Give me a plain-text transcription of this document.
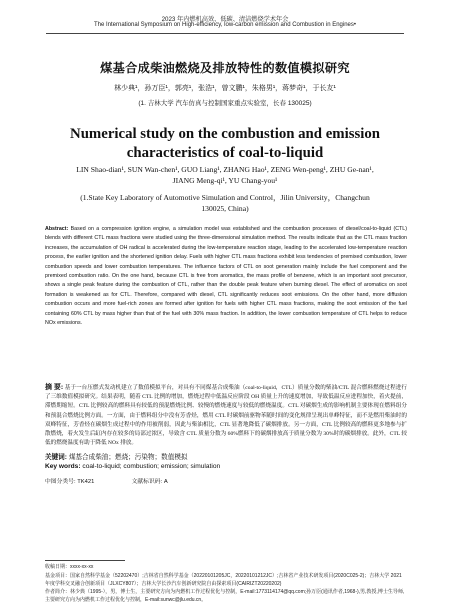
2023 年内燃机高效、低碳、清洁燃烧学术年会
The International Symposium on High-efficiency, low-carbon emission and Combustion in Engines•
煤基合成柴油燃烧及排放特性的数值模拟研究
林少典¹，孙万臣¹，郭亮¹，张浩¹，曾文鹏¹，朱格男¹，蒋梦奇¹，于长友¹
(1. 吉林大学 汽车仿真与控制国家重点实验室，长春 130025)
Numerical study on the combustion and emission characteristics of coal-to-liquid
LIN Shao-dian¹, SUN Wan-chen¹, GUO Liang¹, ZHANG Hao¹, ZENG Wen-peng¹, ZHU Ge-nan¹, JIANG Meng-qi¹, YU Chang-you¹
(1.State Key Laboratory of Automotive Simulation and Control，Jilin University，Changchun 130025, China)
Abstract: Based on a compression ignition engine, a simulation model was established and the combustion processes of diesel/coal-to-liquid (CTL) blends with different CTL mass fractions were studied using the three-dimensional simulation method. The results indicate that as the CTL mass fraction increases, the accumulation of OH radical is accelerated during the low-temperature reaction stage, leading to the accelerated low-temperature reaction process, the earlier ignition and the shortened ignition delay. Fuels with higher CTL mass fractions exhibit less tendencies of premixed combustion, lower combustion speeds and lower combustion temperatures. The influence factors of CTL on soot generation mainly include the fuel component and the premixed combustion ratio. On the one hand, because CTL is free from aromatics, the mass profile of benzene, which is an important soot precursor, shows a single peak feature during the combustion of CTL, rather than the double peak feature when burning diesel. The effect of aromatics on soot formation is weakened as for CTL. Therefore, compared with diesel, CTL significantly reduces soot emissions. On the other hand, more diffusion combustion occurs and more fuel-rich zones are formed after ignition for fuels with higher CTL mass fractions, making the soot emission of the fuel containing 60% CTL by mass higher than that of the fuel with 30% mass fraction. In addition, the lower combustion temperature of CTL helps to reduce NOx emissions.
摘 要: 基于一台压燃式发动机建立了数值模拟平台，对具有不同煤基合成柴油（coal-to-liquid，CTL）质量分数的柴油/CTL 混合燃料燃烧过程进行了三维数值模拟研究。结果表明，随着 CTL 比例的增加，燃烧过程中低温反应阶段 OH 质量上升的速度增加，导致低温反应进程加快，着火提前，滞燃期缩短。CTL 比例较高的燃料具有较低的预混燃烧比例、较慢的燃烧速度与较低的燃烧温度。CTL 对碳烟生成的影响机制主要体现在燃料组分和预混合燃烧比例方面。一方面，由于燃料组分中没有芳香烃，燃用 CTL 时碳烟前驱物苯随时间的变化规律呈现出单峰特征，而不是燃用柴油时的双峰特征，芳香烃在碳烟生成过程中的作用被削弱，因此与柴油相比，CTL 显著地降低了碳烟排放。另一方面，CTL 比例较高的燃料更多地参与扩散燃烧，着火发生后缸内存在较多的局部过浓区，导致含 CTL 质量分数为 60%燃料下的碳烟排放高于质量分数为 30%时的碳烟排放。此外，CTL 较低的燃烧温度有助于降低 NOx 排放。
关键词: 煤基合成柴油；燃烧；污染物；数值模拟
Key words: coal-to-liquid; combustion; emission; simulation
中图分类号: TK421	文献标识码: A
收稿日期：xxxx-xx-xx
基金项目：国家自然科学基金（52202470）;吉林省自然科学基金（20220101205JC，20220101212JC）;吉林省产业技术研发项目(2020C025-2)；吉林大学 2021 年度学科交叉融合创新项目（JLXCY807）；吉林大学长沙汽车创新研究院自由探索项目(CAIRIZT20220202)
作者简介：林少典（1995-），男，博士生，主要研究方向为内燃机工作过程优化与控制，E-mail:1773114174@qq.com;孙万臣(通讯作者,1968-),男,教授,博士生导师,主要研究方向为内燃机工作过程优化与控制，E-mail:sunwc@jlu.edu.cn。
